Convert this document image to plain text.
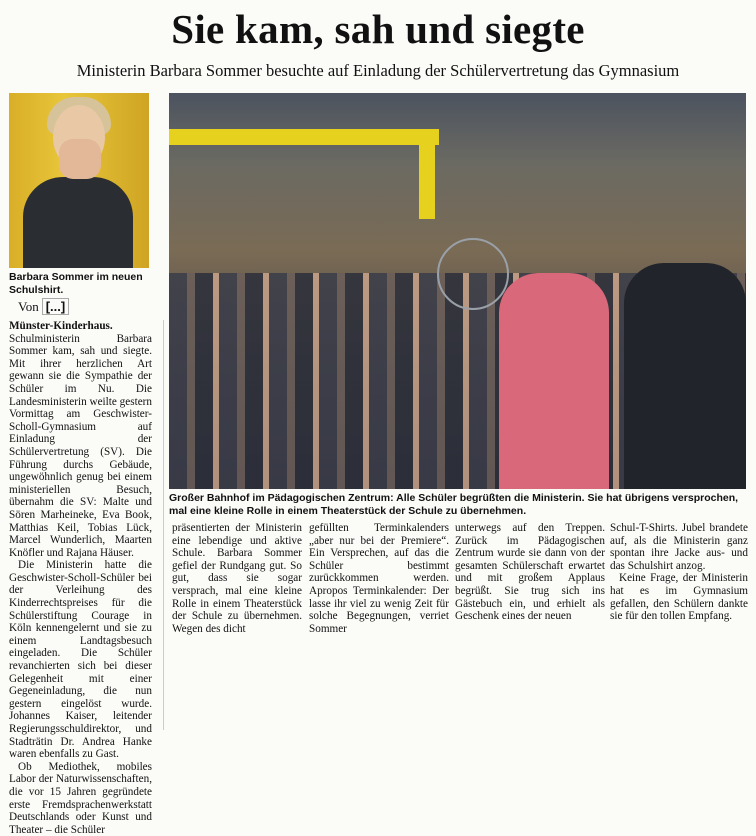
Sie kam, sah und siegte
Ministerin Barbara Sommer besuchte auf Einladung der Schülervertretung das Gymnasium
Barbara Sommer im neuen Schulshirt.
Von [...]
Großer Bahnhof im Pädagogischen Zentrum: Alle Schüler begrüßten die Ministerin. Sie hat übrigens versprochen, mal eine kleine Rolle in einem Theaterstück der Schule zu übernehmen.

Münster-Kinderhaus. Schulministerin Barbara Sommer kam, sah und siegte. Mit ihrer herzlichen Art gewann sie die Sympathie der Schüler im Nu. Die Landesministerin weilte gestern Vormittag am Geschwister-Scholl-Gymnasium auf Einladung der Schülervertretung (SV). Die Führung durchs Gebäude, ungewöhnlich genug bei einem ministeriellen Besuch, übernahm die SV: Malte und Sören Marheineke, Eva Book, Matthias Keil, Tobias Lück, Marcel Wunderlich, Maarten Knöfler und Rajana Häuser.

Die Ministerin hatte die Geschwister-Scholl-Schüler bei der Verleihung des Kinderrechtspreises für die Schülerstiftung Courage in Köln kennengelernt und sie zu einem Landtagsbesuch eingeladen. Die Schüler revanchierten sich bei dieser Gelegenheit mit einer Gegeneinladung, die nun gestern eingelöst wurde. Johannes Kaiser, leitender Regierungsschuldirektor, und Stadträtin Dr. Andrea Hanke waren ebenfalls zu Gast.

Ob Mediothek, mobiles Labor der Naturwissenschaften, die vor 15 Jahren gegründete erste Fremdsprachenwerkstatt Deutschlands oder Kunst und Theater – die Schüler

präsentierten der Ministerin eine lebendige und aktive Schule. Barbara Sommer gefiel der Rundgang gut. So gut, dass sie sogar versprach, mal eine kleine Rolle in einem Theaterstück der Schule zu übernehmen. Wegen des dicht

gefüllten Terminkalenders „aber nur bei der Premiere“. Ein Versprechen, auf das die Schüler bestimmt zurückkommen werden. Apropos Terminkalender: Der lasse ihr viel zu wenig Zeit für solche Begegnungen, verriet Sommer

unterwegs auf den Treppen. Zurück im Pädagogischen Zentrum wurde sie dann von der gesamten Schülerschaft erwartet und mit großem Applaus begrüßt. Sie trug sich ins Gästebuch ein, und erhielt als Geschenk eines der neuen

Schul-T-Shirts. Jubel brandete auf, als die Ministerin ganz spontan ihre Jacke aus- und das Schulshirt anzog.

Keine Frage, der Ministerin hat es im Gymnasium gefallen, den Schülern dankte sie für den tollen Empfang.
